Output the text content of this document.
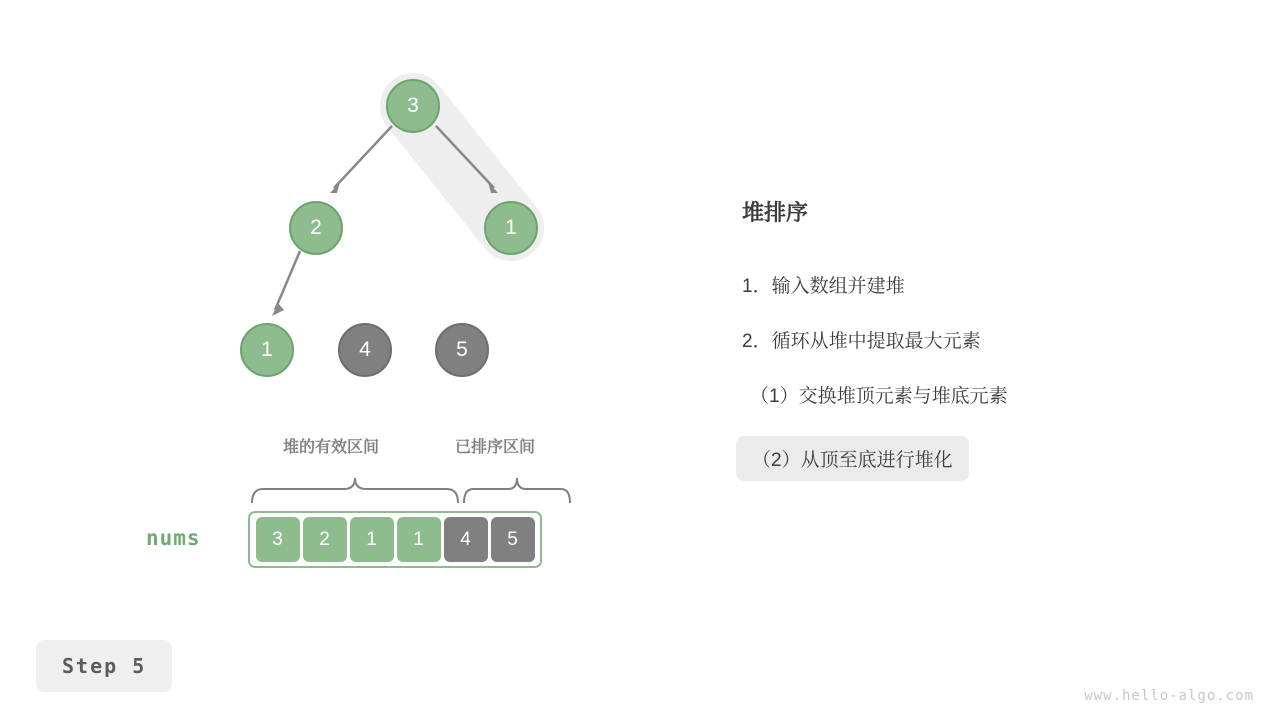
3
2	1
1	4	5
堆的有效区间	已排序区间
nums	3 2 1 1 4 5
堆排序
1．输入数组并建堆
2．循环从堆中提取最大元素
（1）交换堆顶元素与堆底元素
（2）从顶至底进行堆化
Step 5
www.hello-algo.com
